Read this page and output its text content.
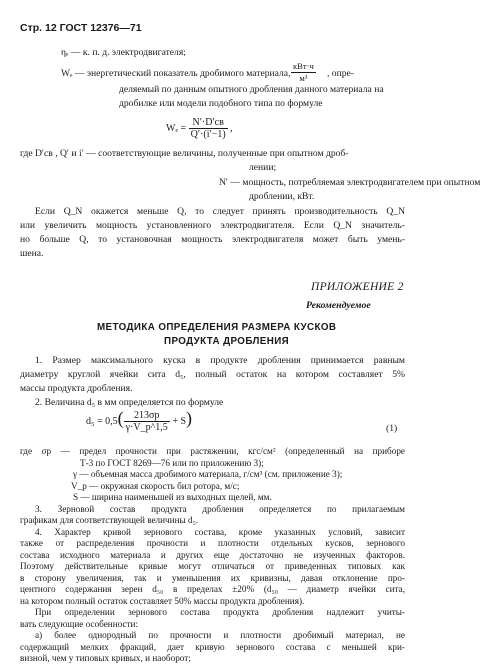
Стр. 12 ГОСТ 12376—71
ηₑ — к. п. д. электродвигателя;
Wₑ — энергетический показатель дробимого материала,
кВт·ч
м³	, опре-
деляемый по данным опытного дробления данного материала на
дробилке или модели подобного типа по формуле
$W_e = \frac{N'\cdot D'св}{Q'\cdot(i'-1)}$ ,
где D′св , Q′ и i′ — соответствующие величины, полученные при опытном дроб-
лении;
N′ — мощность, потребляемая электродвигателем при опытном
дроблении, кВт.
Если Q_N окажется меньше Q, то следует принять производительность Q_N
или увеличить мощность установленного электродвигателя. Если Q_N значитель-
но больше Q, то установочная мощность электродвигателя может быть умень-
шена.
ПРИЛОЖЕНИЕ 2
Рекомендуемое
МЕТОДИКА ОПРЕДЕЛЕНИЯ РАЗМЕРА КУСКОВ
ПРОДУКТА ДРОБЛЕНИЯ
1. Размер максимального куска в продукте дробления принимается равным
диаметру круглой ячейки сита d₅, полный остаток на котором составляет 5%
массы продукта дробления.
2. Величина d₅ в мм определяется по формуле
$d_5 = 0,5( \frac{213\sigma р}{\gamma\cdot V\_р\^{}1,5} + S)$
(1)
где σр — предел прочности при растяжении, кгс/см² (определенный на приборе
Т-3 по ГОСТ 8269—76 или по приложению 3);
γ — объемная масса дробимого материала, г/см³ (см. приложение 3);
V_р — окружная скорость бил ротора, м/с;
S — ширина наименьшей из выходных щелей, мм.
3. Зерновой состав продукта дробления определяется по прилагаемым
графикам для соответствующей величины d₅.
4. Характер кривой зернового состава, кроме указанных условий, зависит
также от распределения прочности и плотности отдельных кусков, зернового
состава исходного материала и других еще достаточно не изученных факторов.
Поэтому действительные кривые могут отличаться от приведенных типовых как
в сторону увеличения, так и уменьшения их кривизны, давая отклонение про-
центного содержания зерен d₅₀ в пределах ±20% (d₅₀ — диаметр ячейки сита,
на котором полный остаток составляет 50% массы продукта дробления).
При определении зернового состава продукта дробления надлежит учиты-
вать следующие особенности:
а) более однородный по прочности и плотности дробимый материал, не
содержащий мелких фракций, дает кривую зернового состава с меньшей кри-
визной, чем у типовых кривых, и наоборот;
